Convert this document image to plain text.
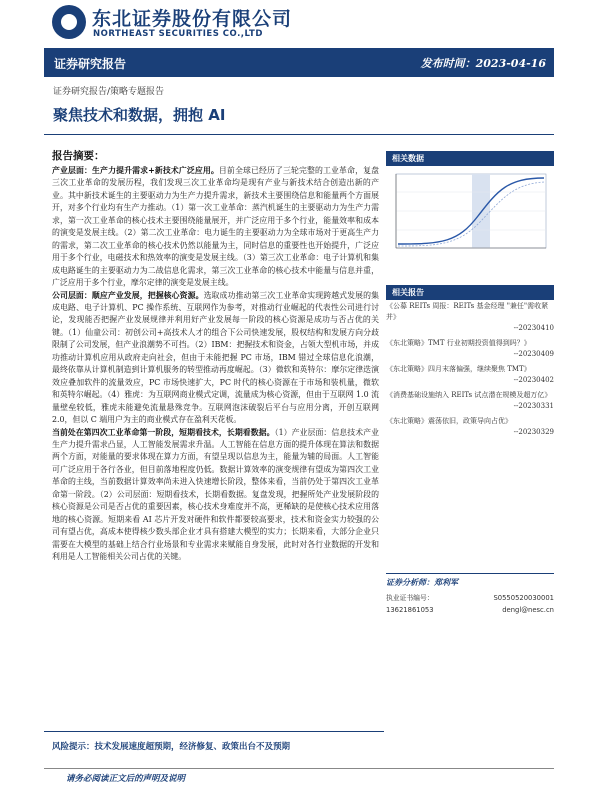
东北证券股份有限公司
NORTHEAST SECURITIES CO.,LTD
证券研究报告	发布时间：2023-04-16
证券研究报告/策略专题报告
聚焦技术和数据，拥抱 AI
报告摘要：

产业层面：生产力提升需求+新技术广泛应用。目前全球已经历了三轮完整的工业革命，复盘三次工业革命的发展历程，我们发现三次工业革命均是现有产业与新技术结合创造出新的产业。其中新技术诞生的主要驱动力为生产力提升需求，新技术主要围绕信息和能量两个方面展开，对多个行业均有生产力推动。（1）第一次工业革命：蒸汽机诞生的主要驱动力为生产力需求，第一次工业革命的核心技术主要围绕能量展开，并广泛应用于多个行业，能量效率和成本的演变是发展主线。（2）第二次工业革命：电力诞生的主要驱动力为全球市场对于更高生产力的需求，第二次工业革命的核心技术仍然以能量为主，同时信息的重要性也开始提升，广泛应用于多个行业，电磁技术和热效率的演变是发展主线。（3）第三次工业革命：电子计算机和集成电路诞生的主要驱动力为二战信息化需求，第三次工业革命的核心技术中能量与信息并重，广泛应用于多个行业，摩尔定律的演变是发展主线。

公司层面：顺应产业发展，把握核心资源。选取成功推动第三次工业革命实现跨越式发展的集成电路、电子计算机、PC 操作系统、互联网作为参考，对推动行业崛起的代表性公司进行讨论，发现能否把握产业发展规律并利用好产业发展每一阶段的核心资源是成功与否占优的关键。（1）仙童公司：初创公司+高技术人才的组合下公司快速发展，股权结构和发展方向分歧限制了公司发展，但产业浪潮势不可挡。（2）IBM：把握技术和资金，占领大型机市场，并成功推动计算机应用从政府走向社会，但由于未能把握 PC 市场，IBM 错过全球信息化浪潮，最终依靠从计算机制造到计算机服务的转型推动再度崛起。（3）微软和英特尔：摩尔定律迭演效应叠加软件的流量效应，PC 市场快速扩大，PC 时代的核心资源在于市场和装机量，微软和英特尔崛起。（4）雅虎：为互联网商业模式定调，流量成为核心资源，但由于互联网 1.0 流量壁垒较低，雅虎未能避免流量悬殊竞争。互联网泡沫破裂后平台与应用分离，开创互联网 2.0，但以 C 端用户为主的商业模式存在盈利天花板。

当前处在第四次工业革命第一阶段，短期看技术，长期看数据。（1）产业层面：信息技术产业生产力提升需求凸显，人工智能发展需求升温。人工智能在信息方面的提升体现在算法和数据两个方面，对能量的要求体现在算力方面，有望呈现以信息为主，能量为辅的局面。人工智能可广泛应用于各行各业，但目前落地程度仍低。数据计算效率的演变规律有望成为第四次工业革命的主线，当前数据计算效率尚未进入快速增长阶段，整体来看，当前仍处于第四次工业革命第一阶段。（2）公司层面：短期看技术，长期看数据。复盘发现，把握所处产业发展阶段的核心资源是公司是否占优的重要因素，核心技术身难度并不高，更稀缺的是使核心技术应用落地的核心资源。短期来看 AI 芯片开发对硬件和软件都要较高要求，技术和资金实力较强的公司有望占优，高成本使得核少数头部企业才具有搭建大模型的实力；长期来看，大部分企业只需要在大模型的基础上结合行业场景和专业需求来赋能自身发展，此时对各行业数据的开发和利用是人工智能相关公司占优的关键。

风险提示：技术发展速度超预期，经济修复、政策出台不及预期
相关数据
相关报告
《公募 REITs 周报：REITs 基金经理 "兼任"需收紧并》
--20230410
《东北策略》TMT 行业初期投资值得到吗？》
--20230409
《东北策略》四月末落偏强，继续聚焦 TMT》
--20230402
《消费基础设施纳入 REITs 试点潜在规模及超万亿》
--20230331
《东北策略》震荡依旧，政策导向占优》
--20230329
证券分析师：郑利军
执业证书编号：	S0550520030001
13621861053	dengl@nesc.cn
请务必阅读正文后的声明及说明
